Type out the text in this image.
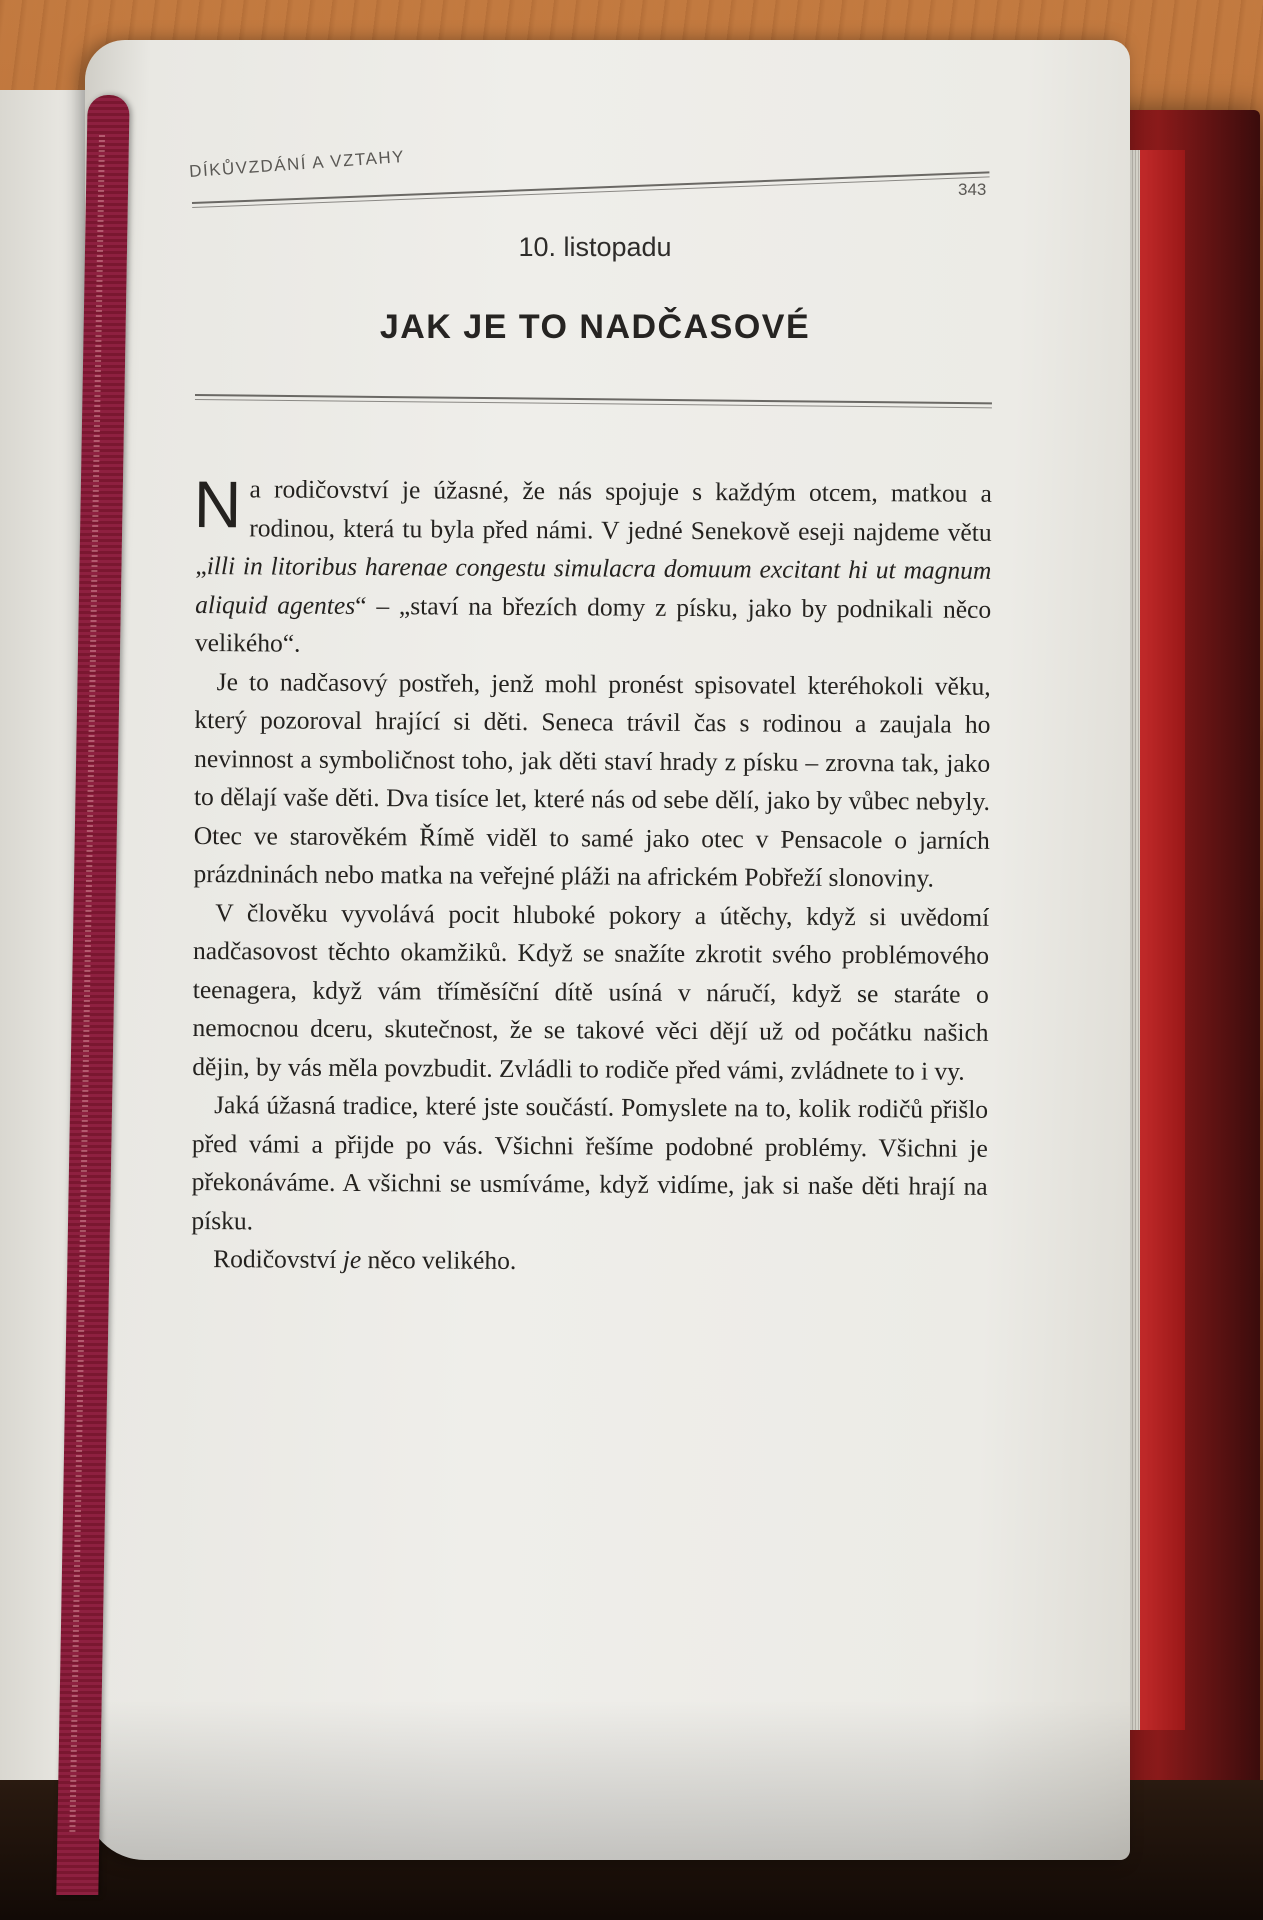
DÍKŮVZDÁNÍ A VZTAHY
343
10. listopadu
JAK JE TO NADČASOVÉ

Na rodičovství je úžasné, že nás spojuje s každým otcem, matkou a rodinou, která tu byla před námi. V jedné Senekově eseji najdeme větu „illi in litoribus harenae congestu simulacra domuum excitant hi ut magnum aliquid agentes“ – „staví na březích domy z písku, jako by podnikali něco velikého“.

Je to nadčasový postřeh, jenž mohl pronést spisovatel kteréhokoli věku, který pozoroval hrající si děti. Seneca trávil čas s rodinou a zaujala ho nevinnost a symboličnost toho, jak děti staví hrady z písku – zrovna tak, jako to dělají vaše děti. Dva tisíce let, které nás od sebe dělí, jako by vůbec nebyly. Otec ve starověkém Římě viděl to samé jako otec v Pensacole o jarních prázdninách nebo matka na veřejné pláži na africkém Pobřeží slonoviny.

V člověku vyvolává pocit hluboké pokory a útěchy, když si uvědomí nadčasovost těchto okamžiků. Když se snažíte zkrotit svého problémového teenagera, když vám tříměsíční dítě usíná v náručí, když se staráte o nemocnou dceru, skutečnost, že se takové věci dějí už od počátku našich dějin, by vás měla povzbudit. Zvládli to rodiče před vámi, zvládnete to i vy.

Jaká úžasná tradice, které jste součástí. Pomyslete na to, kolik rodičů přišlo před vámi a přijde po vás. Všichni řešíme podobné problémy. Všichni je překonáváme. A všichni se usmíváme, když vidíme, jak si naše děti hrají na písku.

Rodičovství je něco velikého.
